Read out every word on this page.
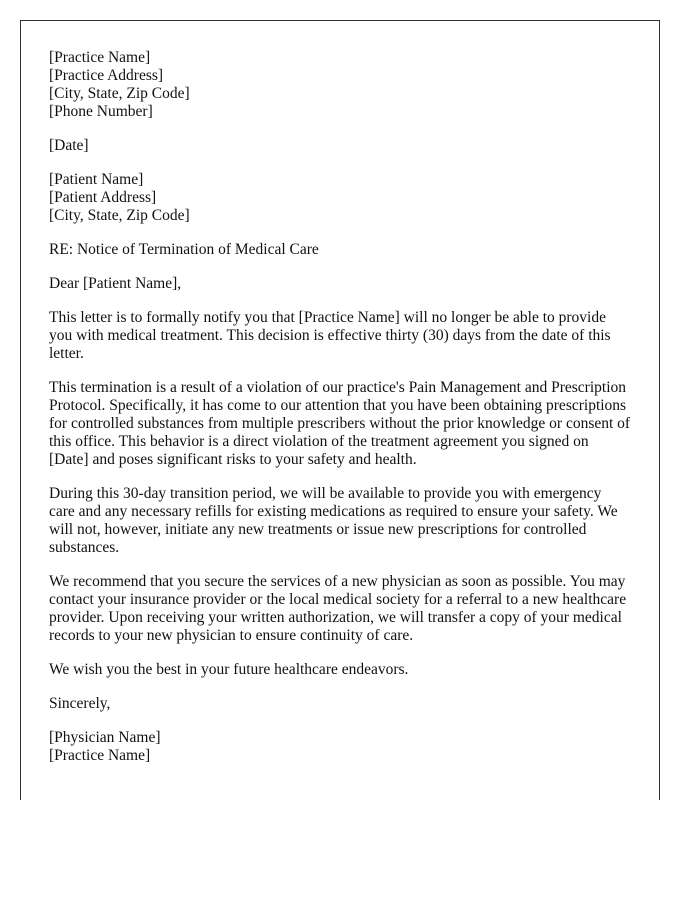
[Practice Name]
[Practice Address]
[City, State, Zip Code]
[Phone Number]
[Date]
[Patient Name]
[Patient Address]
[City, State, Zip Code]

RE: Notice of Termination of Medical Care

Dear [Patient Name],

This letter is to formally notify you that [Practice Name] will no longer be able to provide you with medical treatment. This decision is effective thirty (30) days from the date of this letter.

This termination is a result of a violation of our practice's Pain Management and Prescription Protocol. Specifically, it has come to our attention that you have been obtaining prescriptions for controlled substances from multiple prescribers without the prior knowledge or consent of this office. This behavior is a direct violation of the treatment agreement you signed on [Date] and poses significant risks to your safety and health.

During this 30-day transition period, we will be available to provide you with emergency care and any necessary refills for existing medications as required to ensure your safety. We will not, however, initiate any new treatments or issue new prescriptions for controlled substances.

We recommend that you secure the services of a new physician as soon as possible. You may contact your insurance provider or the local medical society for a referral to a new healthcare provider. Upon receiving your written authorization, we will transfer a copy of your medical records to your new physician to ensure continuity of care.

We wish you the best in your future healthcare endeavors.

Sincerely,

[Physician Name]
[Practice Name]
